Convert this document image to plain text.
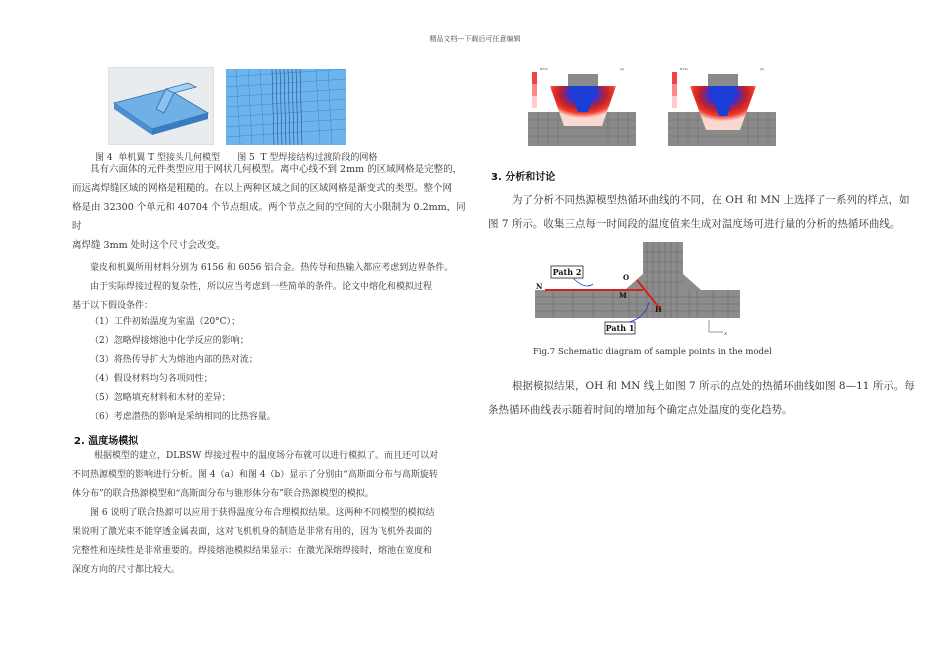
精品文档---下载后可任意编辑
图 4  单机翼 T 型接头几何模型      图 5  T 型焊接结构过渡阶段的网格
具有六面体的元件类型应用于网状几何模型。离中心线不到 2mm 的区域网格是完整的，
而远离焊缝区域的网格是粗糙的。在以上两种区域之间的区域网格是渐变式的类型。整个网
格是由 32300 个单元和 40704 个节点组成。两个节点之间的空间的大小限制为 0.2mm，同时
离焊缝 3mm 处时这个尺寸会改变。
蒙皮和机翼所用材料分别为 6156 和 6056 铝合金。热传导和热输入都应考虑到边界条件。
由于实际焊接过程的复杂性，所以应当考虑到一些简单的条件。论文中熔化和模拟过程
基于以下假设条件：
（1）工件初始温度为室温（20°C）；
（2）忽略焊接熔池中化学反应的影响；
（3）将热传导扩大为熔池内部的热对流；
（4）假设材料均匀各项同性；
（5）忽略填充材料和木材的差异；
（6）考虑潜热的影响是采纳相同的比热容量。
2. 温度场模拟
根据模型的建立，DLBSW 焊接过程中的温度场分布就可以进行模拟了。而且还可以对
不同热源模型的影响进行分析。图 4（a）和图 4（b）显示了分别由“高斯面分布与高斯旋转
体分布”的联合热源模型和“高斯面分布与锥形体分布”联合热源模型的模拟。
图 6 说明了联合热源可以应用于获得温度分布合理模拟结果。这两种不同模型的模拟结
果说明了激光束不能穿透金属表面，这对飞机机身的制造是非常有用的，因为飞机外表面的
完整性和连续性是非常重要的。焊接熔池模拟结果显示：在激光深熔焊接时，熔池在宽度和
深度方向的尺寸都比较大。
NT11	(a)	NT11	(b)
3. 分析和讨论
为了分析不同热源模型热循环曲线的不同，在 OH 和 MN 上选择了一系列的样点，如
图 7 所示。收集三点每一时间段的温度值来生成对温度场可进行量的分析的热循环曲线。
Path 2
Path 1
O
N
M
H
x
Fig.7 Schematic diagram of sample points in the model
根据模拟结果，OH 和 MN 线上如图 7 所示的点处的热循环曲线如图 8—11 所示。每
条热循环曲线表示随着时间的增加每个确定点处温度的变化趋势。
